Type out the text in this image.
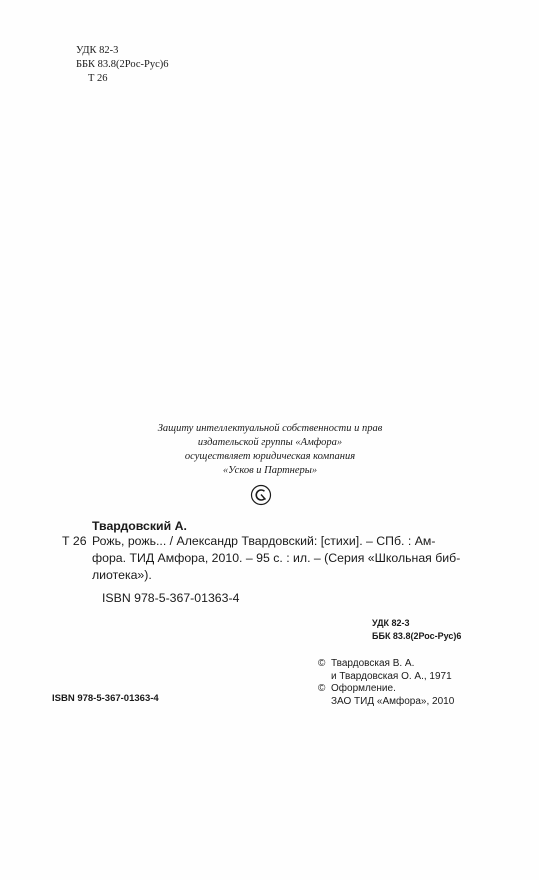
УДК 82-3
ББК 83.8(2Рос-Рус)6
Т 26
Защиту интеллектуальной собственности и прав
издательской группы «Амфора»
осуществляет юридическая компания
«Усков и Партнеры»
Т 26
Твардовский А.
Рожь, рожь... / Александр Твардовский: [стихи]. – СПб. : Ам-
фора. ТИД Амфора, 2010. – 95 с. : ил. – (Серия «Школьная биб-
лиотека»).
ISBN 978-5-367-01363-4
УДК 82-3
ББК 83.8(2Рос-Рус)6
© Твардовская В. А.
и Твардовская О. А., 1971
© Оформление.
ЗАО ТИД «Амфора», 2010
ISBN 978-5-367-01363-4
